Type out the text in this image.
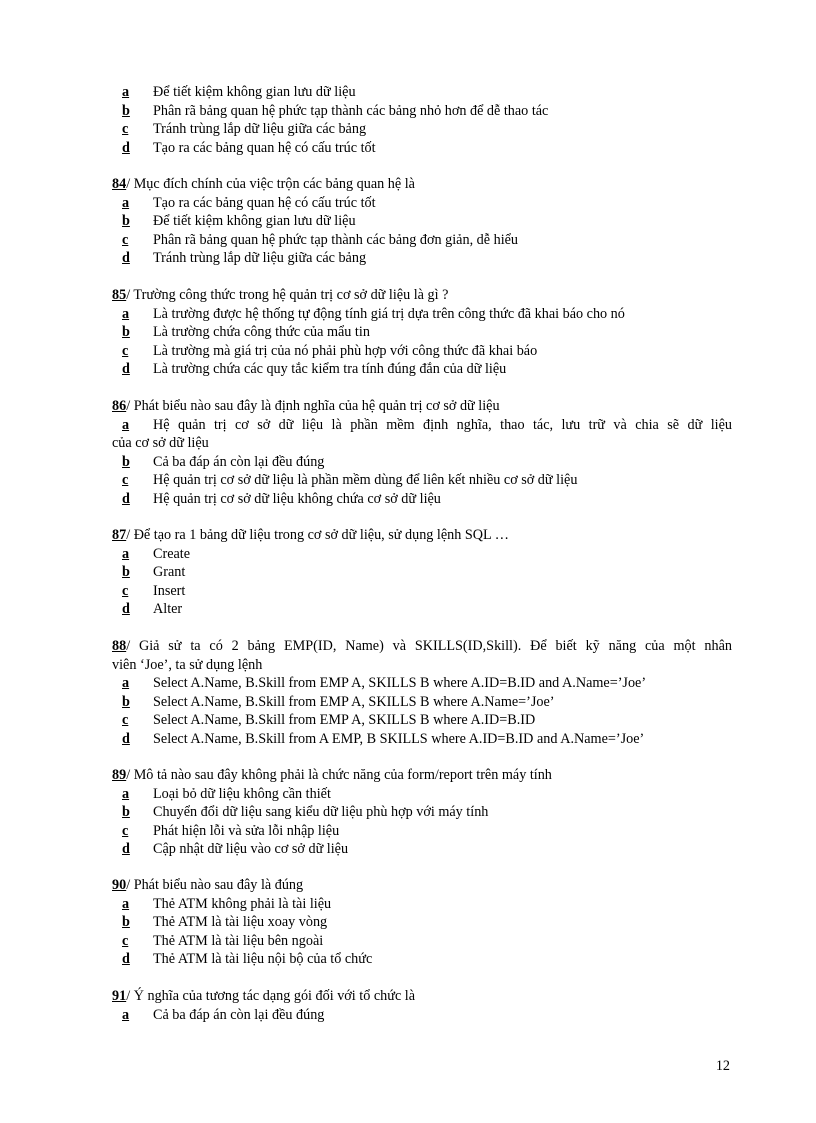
a Để tiết kiệm không gian lưu dữ liệu
b Phân rã bảng quan hệ phức tạp thành các bảng nhỏ hơn để dễ thao tác
c Tránh trùng lắp dữ liệu giữa các bảng
d Tạo ra các bảng quan hệ có cấu trúc tốt
84/ Mục đích chính của việc trộn các bảng quan hệ là
a Tạo ra các bảng quan hệ có cấu trúc tốt
b Để tiết kiệm không gian lưu dữ liệu
c Phân rã bảng quan hệ phức tạp thành các bảng đơn giản, dễ hiểu
d Tránh trùng lắp dữ liệu giữa các bảng
85/ Trường công thức trong hệ quản trị cơ sở dữ liệu là gì ?
a Là trường được hệ thống tự động tính giá trị dựa trên công thức đã khai báo cho nó
b Là trường chứa công thức của mẩu tin
c Là trường mà giá trị của nó phải phù hợp với công thức đã khai báo
d Là trường chứa các quy tắc kiểm tra tính đúng đắn của dữ liệu
86/ Phát biểu nào sau đây là định nghĩa của hệ quản trị cơ sở dữ liệu
a Hệ quản trị cơ sở dữ liệu là phần mềm định nghĩa, thao tác, lưu trữ và chia sẽ dữ liệu
của cơ sở dữ liệu
b Cả ba đáp án còn lại đều đúng
c Hệ quản trị cơ sở dữ liệu là phần mềm dùng để liên kết nhiều cơ sở dữ liệu
d Hệ quản trị cơ sở dữ liệu không chứa cơ sở dữ liệu
87/ Để tạo ra 1 bảng dữ liệu trong cơ sở dữ liệu, sử dụng lệnh SQL …
a Create
b Grant
c Insert
d Alter
88/ Giả sử ta có 2 bảng EMP(ID, Name) và SKILLS(ID,Skill). Để biết kỹ năng của một nhân
viên ‘Joe’, ta sử dụng lệnh
a Select A.Name, B.Skill from EMP A, SKILLS B where A.ID=B.ID and A.Name=’Joe’
b Select A.Name, B.Skill from EMP A, SKILLS B where A.Name=’Joe’
c Select A.Name, B.Skill from EMP A, SKILLS B where A.ID=B.ID
d Select A.Name, B.Skill from A EMP, B SKILLS where A.ID=B.ID and A.Name=’Joe’
89/ Mô tả nào sau đây không phải là chức năng của form/report trên máy tính
a Loại bỏ dữ liệu không cần thiết
b Chuyển đổi dữ liệu sang kiểu dữ liệu phù hợp với máy tính
c Phát hiện lỗi và sửa lỗi nhập liệu
d Cập nhật dữ liệu vào cơ sở dữ liệu
90/ Phát biểu nào sau đây là đúng
a Thẻ ATM không phải là tài liệu
b Thẻ ATM là tài liệu xoay vòng
c Thẻ ATM là tài liệu bên ngoài
d Thẻ ATM là tài liệu nội bộ của tổ chức
91/ Ý nghĩa của tương tác dạng gói đối với tổ chức là
a Cả ba đáp án còn lại đều đúng
12
